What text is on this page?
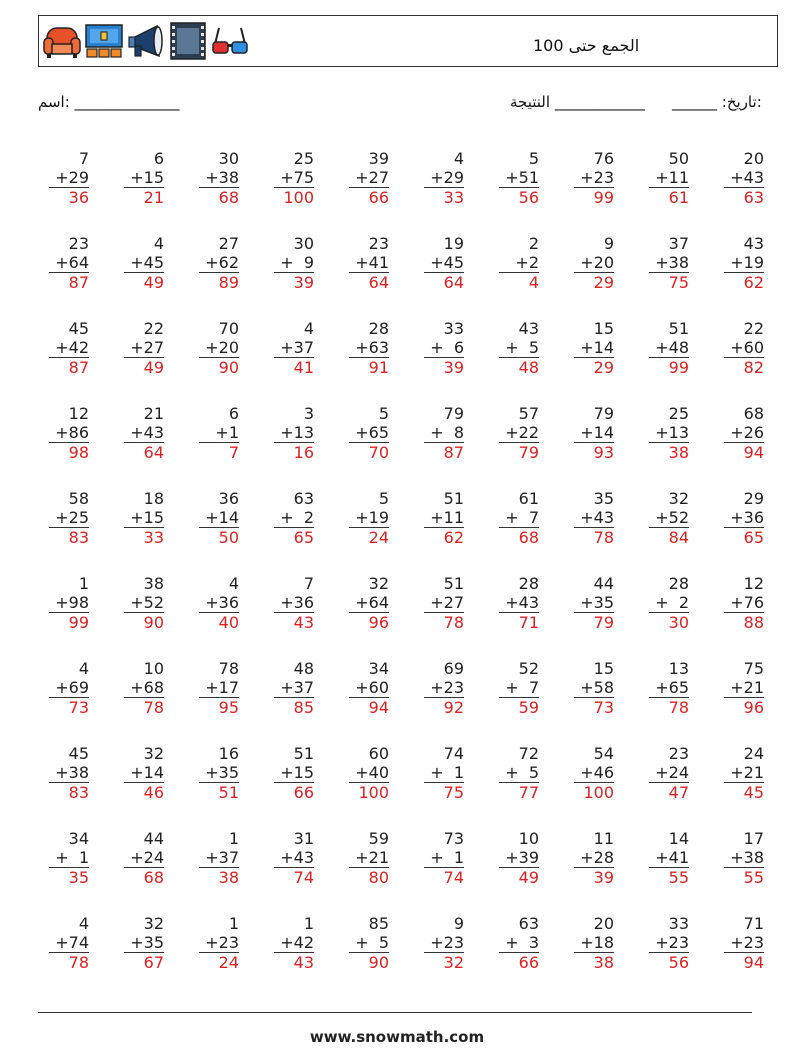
الجمع حتى 100
اسم: ______________	النتيجة ____________ ______ :تاريخ:
7
+29
36
6
+15
21
30
+38
68
25
+75
100
39
+27
66
4
+29
33
5
+51
56
76
+23
99
50
+11
61
20
+43
63
23
+64
87
4
+45
49
27
+62
89
30
+  9
39
23
+41
64
19
+45
64
2
+2
4
9
+20
29
37
+38
75
43
+19
62
45
+42
87
22
+27
49
70
+20
90
4
+37
41
28
+63
91
33
+  6
39
43
+  5
48
15
+14
29
51
+48
99
22
+60
82
12
+86
98
21
+43
64
6
+1
7
3
+13
16
5
+65
70
79
+  8
87
57
+22
79
79
+14
93
25
+13
38
68
+26
94
58
+25
83
18
+15
33
36
+14
50
63
+  2
65
5
+19
24
51
+11
62
61
+  7
68
35
+43
78
32
+52
84
29
+36
65
1
+98
99
38
+52
90
4
+36
40
7
+36
43
32
+64
96
51
+27
78
28
+43
71
44
+35
79
28
+  2
30
12
+76
88
4
+69
73
10
+68
78
78
+17
95
48
+37
85
34
+60
94
69
+23
92
52
+  7
59
15
+58
73
13
+65
78
75
+21
96
45
+38
83
32
+14
46
16
+35
51
51
+15
66
60
+40
100
74
+  1
75
72
+  5
77
54
+46
100
23
+24
47
24
+21
45
34
+  1
35
44
+24
68
1
+37
38
31
+43
74
59
+21
80
73
+  1
74
10
+39
49
11
+28
39
14
+41
55
17
+38
55
4
+74
78
32
+35
67
1
+23
24
1
+42
43
85
+  5
90
9
+23
32
63
+  3
66
20
+18
38
33
+23
56
71
+23
94
www.snowmath.com
